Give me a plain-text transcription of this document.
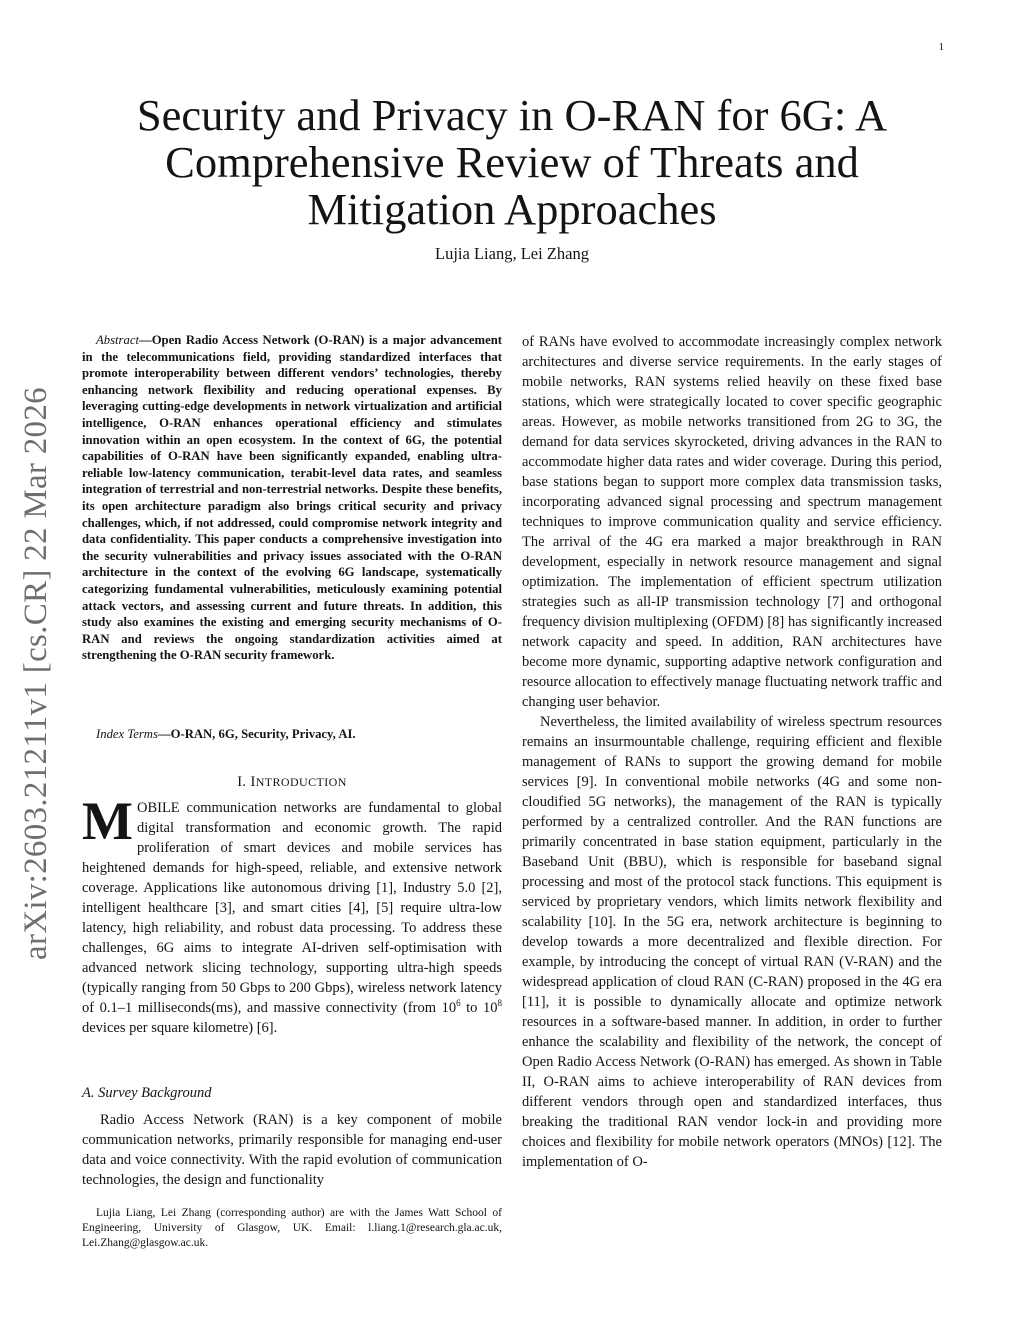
1
arXiv:2603.21211v1 [cs.CR] 22 Mar 2026
Security and Privacy in O-RAN for 6G: A Comprehensive Review of Threats and Mitigation Approaches
Lujia Liang, Lei Zhang

Abstract—Open Radio Access Network (O-RAN) is a major advancement in the telecommunications field, providing standardized interfaces that promote interoperability between different vendors’ technologies, thereby enhancing network flexibility and reducing operational expenses. By leveraging cutting-edge developments in network virtualization and artificial intelligence, O-RAN enhances operational efficiency and stimulates innovation within an open ecosystem. In the context of 6G, the potential capabilities of O-RAN have been significantly expanded, enabling ultra-reliable low-latency communication, terabit-level data rates, and seamless integration of terrestrial and non-terrestrial networks. Despite these benefits, its open architecture paradigm also brings critical security and privacy challenges, which, if not addressed, could compromise network integrity and data confidentiality. This paper conducts a comprehensive investigation into the security vulnerabilities and privacy issues associated with the O-RAN architecture in the context of the evolving 6G landscape, systematically categorizing fundamental vulnerabilities, meticulously examining potential attack vectors, and assessing current and future threats. In addition, this study also examines the existing and emerging security mechanisms of O-RAN and reviews the ongoing standardization activities aimed at strengthening the O-RAN security framework.

Index Terms—O-RAN, 6G, Security, Privacy, AI.

I. INTRODUCTION

MOBILE communication networks are fundamental to global digital transformation and economic growth. The rapid proliferation of smart devices and mobile services has heightened demands for high-speed, reliable, and extensive network coverage. Applications like autonomous driving [1], Industry 5.0 [2], intelligent healthcare [3], and smart cities [4], [5] require ultra-low latency, high reliability, and robust data processing. To address these challenges, 6G aims to integrate AI-driven self-optimisation with advanced network slicing technology, supporting ultra-high speeds (typically ranging from 50 Gbps to 200 Gbps), wireless network latency of 0.1–1 milliseconds(ms), and massive connectivity (from $10^6$ to $10^8$ devices per square kilometre) [6].

A. Survey Background

Radio Access Network (RAN) is a key component of mobile communication networks, primarily responsible for managing end-user data and voice connectivity. With the rapid evolution of communication technologies, the design and functionality

Lujia Liang, Lei Zhang (corresponding author) are with the James Watt School of Engineering, University of Glasgow, UK. Email: l.liang.1@research.gla.ac.uk, Lei.Zhang@glasgow.ac.uk.

of RANs have evolved to accommodate increasingly complex network architectures and diverse service requirements. In the early stages of mobile networks, RAN systems relied heavily on these fixed base stations, which were strategically located to cover specific geographic areas. However, as mobile networks transitioned from 2G to 3G, the demand for data services skyrocketed, driving advances in the RAN to accommodate higher data rates and wider coverage. During this period, base stations began to support more complex data transmission tasks, incorporating advanced signal processing and spectrum management techniques to improve communication quality and service efficiency. The arrival of the 4G era marked a major breakthrough in RAN development, especially in network resource management and signal optimization. The implementation of efficient spectrum utilization strategies such as all-IP transmission technology [7] and orthogonal frequency division multiplexing (OFDM) [8] has significantly increased network capacity and speed. In addition, RAN architectures have become more dynamic, supporting adaptive network configuration and resource allocation to effectively manage fluctuating network traffic and changing user behavior.

Nevertheless, the limited availability of wireless spectrum resources remains an insurmountable challenge, requiring efficient and flexible management of RANs to support the growing demand for mobile services [9]. In conventional mobile networks (4G and some non-cloudified 5G networks), the management of the RAN is typically performed by a centralized controller. And the RAN functions are primarily concentrated in base station equipment, particularly in the Baseband Unit (BBU), which is responsible for baseband signal processing and most of the protocol stack functions. This equipment is serviced by proprietary vendors, which limits network flexibility and scalability [10]. In the 5G era, network architecture is beginning to develop towards a more decentralized and flexible direction. For example, by introducing the concept of virtual RAN (V-RAN) and the widespread application of cloud RAN (C-RAN) proposed in the 4G era [11], it is possible to dynamically allocate and optimize network resources in a software-based manner. In addition, in order to further enhance the scalability and flexibility of the network, the concept of Open Radio Access Network (O-RAN) has emerged. As shown in Table II, O-RAN aims to achieve interoperability of RAN devices from different vendors through open and standardized interfaces, thus breaking the traditional RAN vendor lock-in and providing more choices and flexibility for mobile network operators (MNOs) [12]. The implementation of O-
